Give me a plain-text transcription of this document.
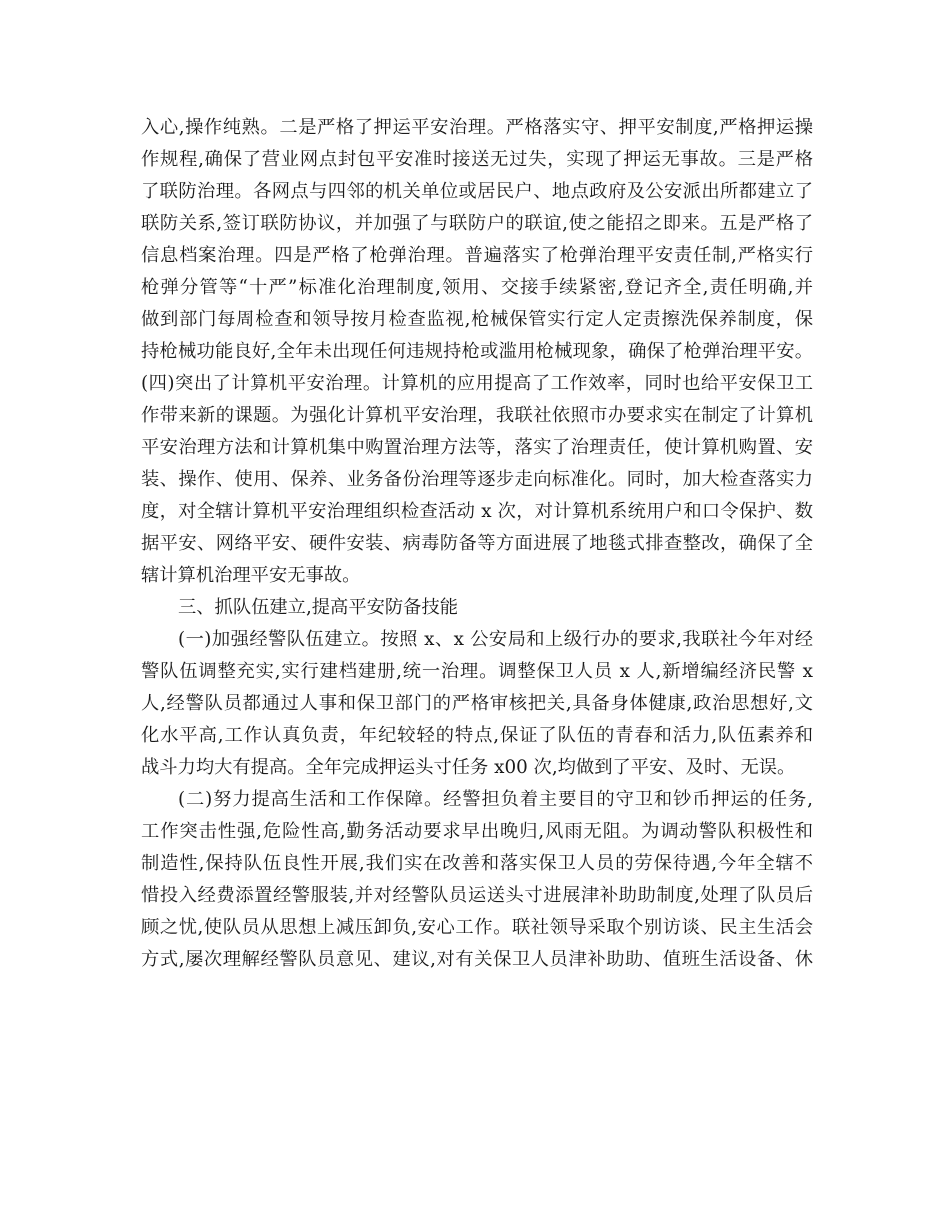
入心,操作纯熟。二是严格了押运平安治理。严格落实守、押平安制度,严格押运操
作规程,确保了营业网点封包平安准时接送无过失，实现了押运无事故。三是严格
了联防治理。各网点与四邻的机关单位或居民户、地点政府及公安派出所都建立了
联防关系,签订联防协议，并加强了与联防户的联谊,使之能招之即来。五是严格了
信息档案治理。四是严格了枪弹治理。普遍落实了枪弹治理平安责任制,严格实行
枪弹分管等“十严”标准化治理制度,领用、交接手续紧密,登记齐全,责任明确,并
做到部门每周检查和领导按月检查监视,枪械保管实行定人定责擦洗保养制度，保
持枪械功能良好,全年未出现任何违规持枪或滥用枪械现象，确保了枪弹治理平安。
(四)突出了计算机平安治理。计算机的应用提高了工作效率，同时也给平安保卫工
作带来新的课题。为强化计算机平安治理，我联社依照市办要求实在制定了计算机
平安治理方法和计算机集中购置治理方法等，落实了治理责任，使计算机购置、安
装、操作、使用、保养、业务备份治理等逐步走向标准化。同时，加大检查落实力
度，对全辖计算机平安治理组织检查活动 x 次，对计算机系统用户和口令保护、数
据平安、网络平安、硬件安装、病毒防备等方面进展了地毯式排查整改，确保了全
辖计算机治理平安无事故。
三、抓队伍建立,提高平安防备技能
(一)加强经警队伍建立。按照 x、x 公安局和上级行办的要求,我联社今年对经
警队伍调整充实,实行建档建册,统一治理。调整保卫人员 x 人,新增编经济民警 x
人,经警队员都通过人事和保卫部门的严格审核把关,具备身体健康,政治思想好,文
化水平高,工作认真负责，年纪较轻的特点,保证了队伍的青春和活力,队伍素养和
战斗力均大有提高。全年完成押运头寸任务 x00 次,均做到了平安、及时、无误。
(二)努力提高生活和工作保障。经警担负着主要目的守卫和钞币押运的任务,
工作突击性强,危险性高,勤务活动要求早出晚归,风雨无阻。为调动警队积极性和
制造性,保持队伍良性开展,我们实在改善和落实保卫人员的劳保待遇,今年全辖不
惜投入经费添置经警服装,并对经警队员运送头寸进展津补助助制度,处理了队员后
顾之忧,使队员从思想上减压卸负,安心工作。联社领导采取个别访谈、民主生活会
方式,屡次理解经警队员意见、建议,对有关保卫人员津补助助、值班生活设备、休
